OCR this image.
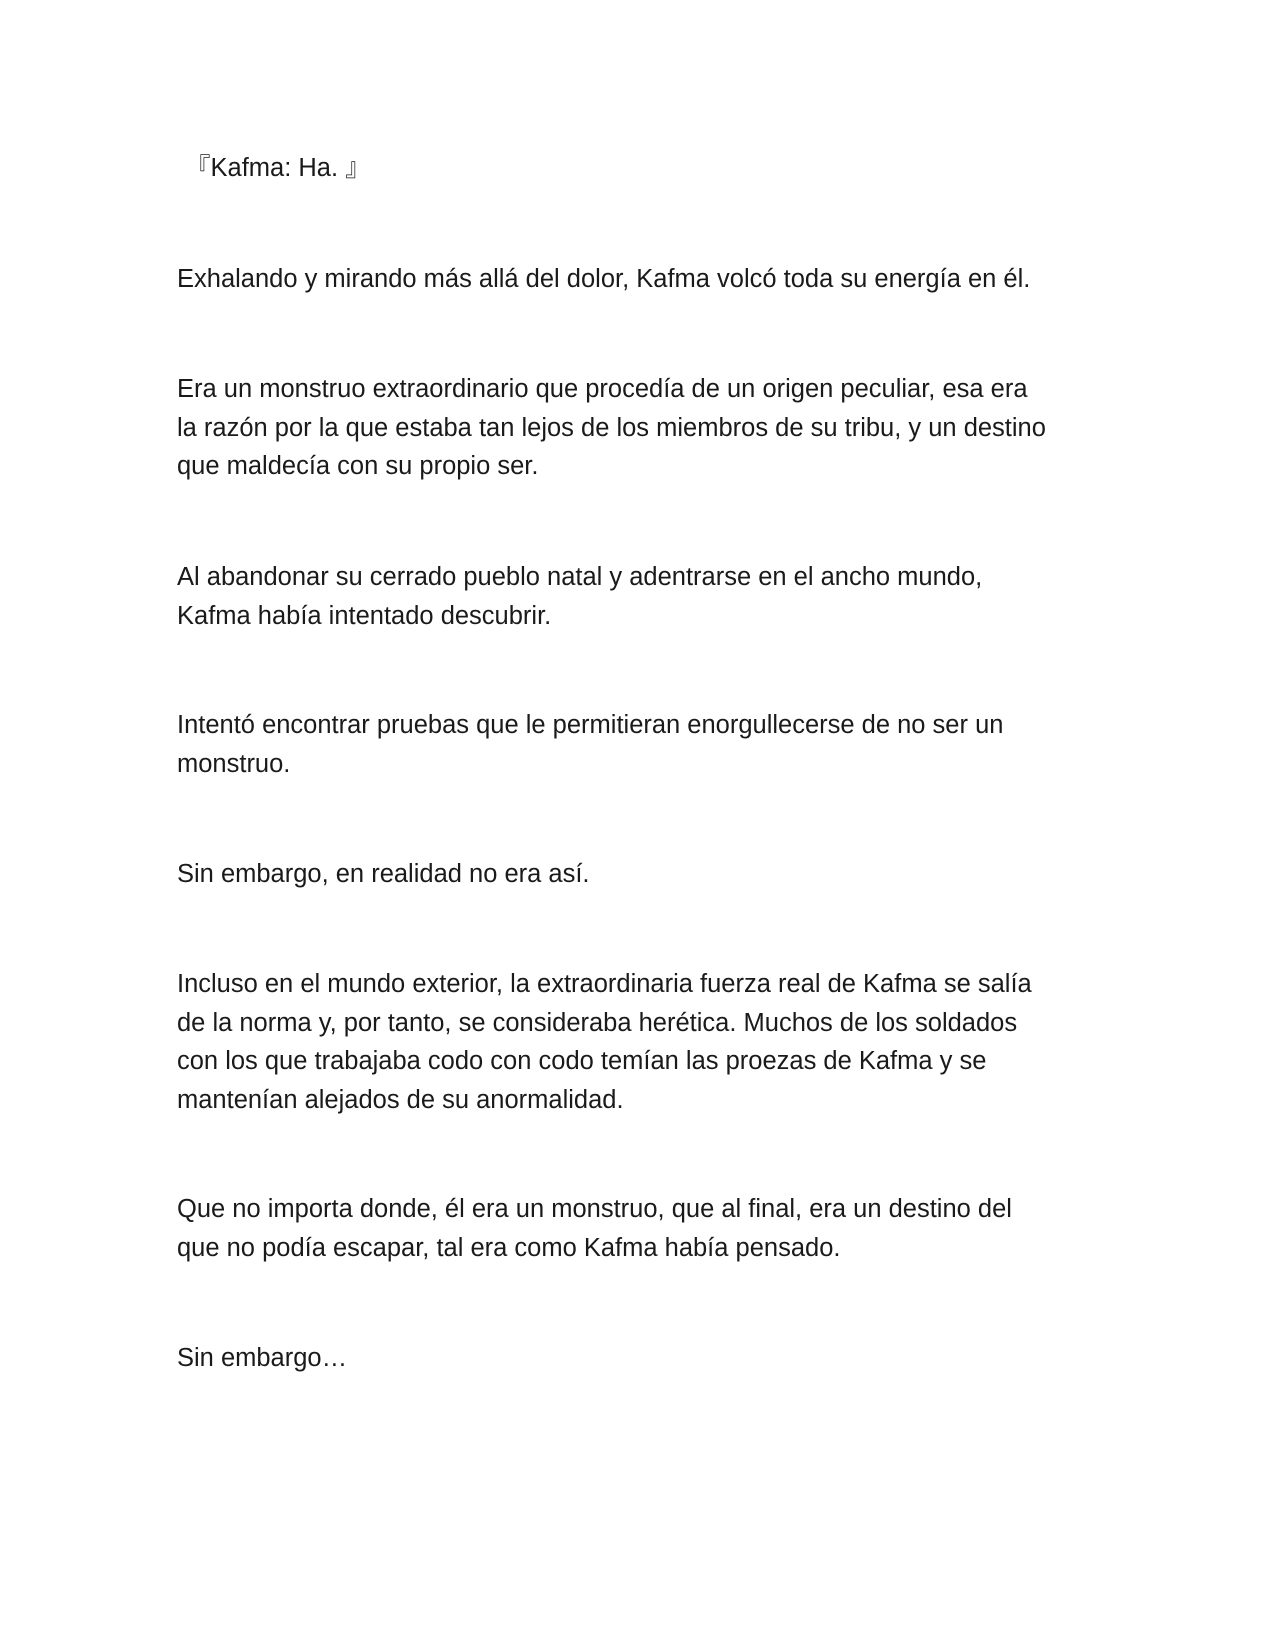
『Kafma: Ha. 』

Exhalando y mirando más allá del dolor, Kafma volcó toda su energía en él.

Era un monstruo extraordinario que procedía de un origen peculiar, esa era
la razón por la que estaba tan lejos de los miembros de su tribu, y un destino
que maldecía con su propio ser.

Al abandonar su cerrado pueblo natal y adentrarse en el ancho mundo,
Kafma había intentado descubrir.

Intentó encontrar pruebas que le permitieran enorgullecerse de no ser un
monstruo.

Sin embargo, en realidad no era así.

Incluso en el mundo exterior, la extraordinaria fuerza real de Kafma se salía
de la norma y, por tanto, se consideraba herética. Muchos de los soldados
con los que trabajaba codo con codo temían las proezas de Kafma y se
mantenían alejados de su anormalidad.

Que no importa donde, él era un monstruo, que al final, era un destino del
que no podía escapar, tal era como Kafma había pensado.

Sin embargo…
